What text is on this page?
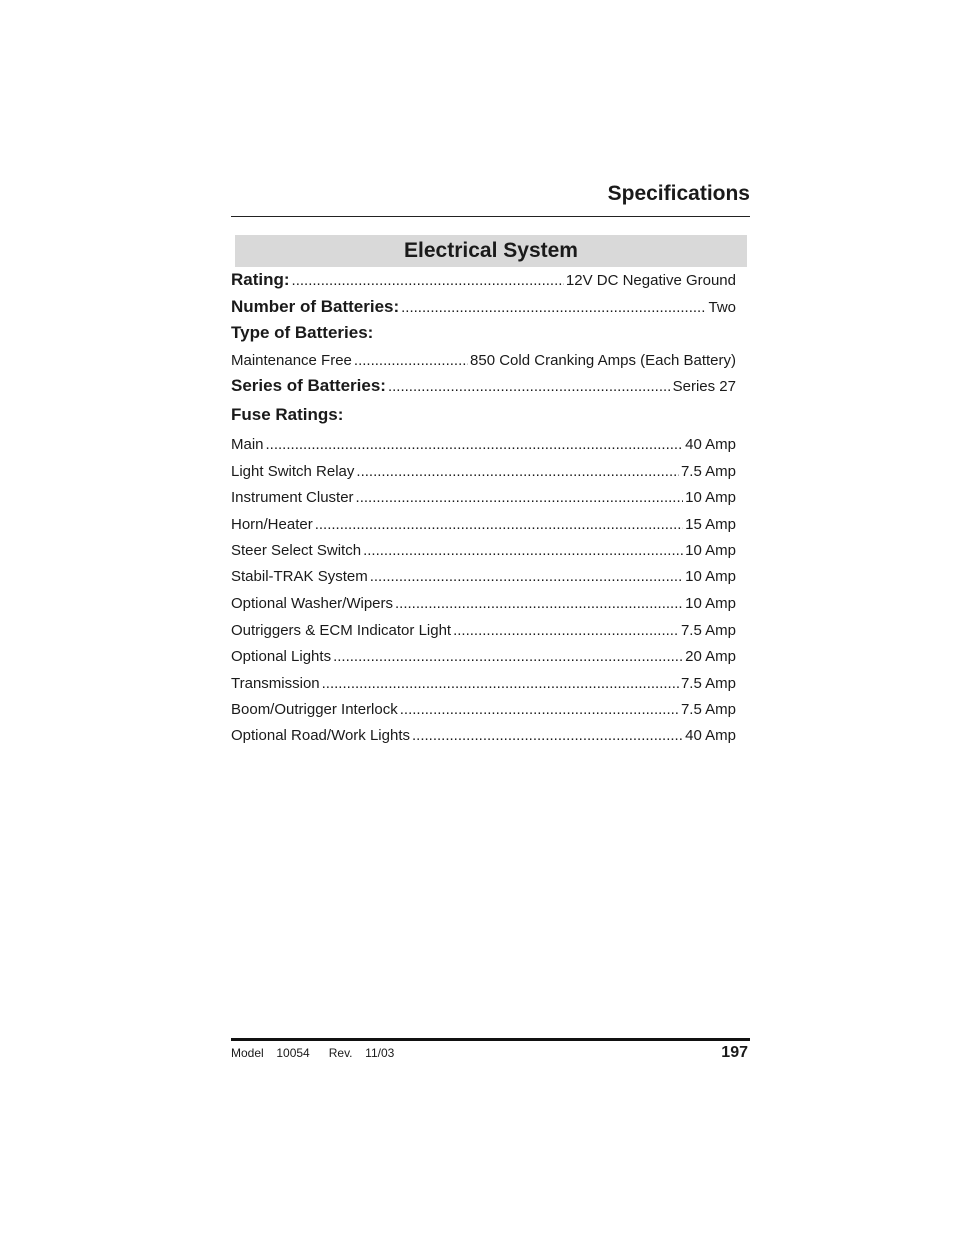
Specifications
Electrical System
Rating: .....	12V DC Negative Ground
Number of Batteries: .....	Two
Type of Batteries:
Maintenance Free .....	850 Cold Cranking Amps (Each Battery)
Series of Batteries: .....	Series 27
Fuse Ratings:
Main .....	40 Amp
Light Switch Relay .....	7.5 Amp
Instrument Cluster .....	10 Amp
Horn/Heater .....	15 Amp
Steer Select Switch .....	10 Amp
Stabil-TRAK System .....	10 Amp
Optional Washer/Wipers .....	10 Amp
Outriggers & ECM Indicator Light .....	7.5 Amp
Optional Lights .....	20 Amp
Transmission .....	7.5 Amp
Boom/Outrigger Interlock .....	7.5 Amp
Optional Road/Work Lights .....	40 Amp
Model  10054   Rev.  11/03	197
